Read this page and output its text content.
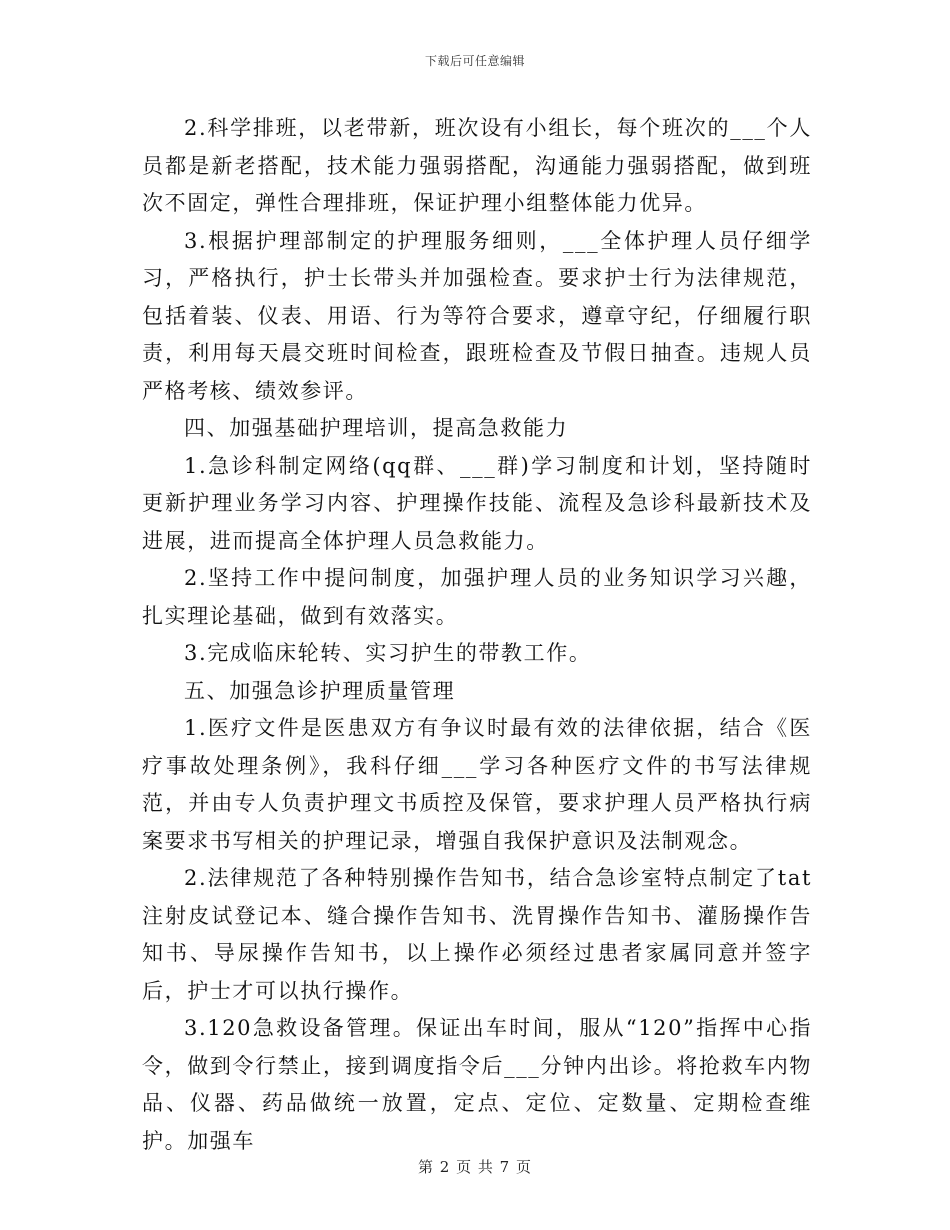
下载后可任意编辑

2.科学排班，以老带新，班次设有小组长，每个班次的___个人员都是新老搭配，技术能力强弱搭配，沟通能力强弱搭配，做到班次不固定，弹性合理排班，保证护理小组整体能力优异。

3.根据护理部制定的护理服务细则，___全体护理人员仔细学习，严格执行，护士长带头并加强检查。要求护士行为法律规范，包括着装、仪表、用语、行为等符合要求，遵章守纪，仔细履行职责，利用每天晨交班时间检查，跟班检查及节假日抽查。违规人员严格考核、绩效参评。

四、加强基础护理培训，提高急救能力

1.急诊科制定网络(qq群、___群)学习制度和计划，坚持随时更新护理业务学习内容、护理操作技能、流程及急诊科最新技术及进展，进而提高全体护理人员急救能力。

2.坚持工作中提问制度，加强护理人员的业务知识学习兴趣，扎实理论基础，做到有效落实。

3.完成临床轮转、实习护生的带教工作。

五、加强急诊护理质量管理

1.医疗文件是医患双方有争议时最有效的法律依据，结合《医疗事故处理条例》，我科仔细___学习各种医疗文件的书写法律规范，并由专人负责护理文书质控及保管，要求护理人员严格执行病案要求书写相关的护理记录，增强自我保护意识及法制观念。

2.法律规范了各种特别操作告知书，结合急诊室特点制定了tat注射皮试登记本、缝合操作告知书、洗胃操作告知书、灌肠操作告知书、导尿操作告知书，以上操作必须经过患者家属同意并签字后，护士才可以执行操作。

3.120急救设备管理。保证出车时间，服从“120”指挥中心指令，做到令行禁止，接到调度指令后___分钟内出诊。将抢救车内物品、仪器、药品做统一放置，定点、定位、定数量、定期检查维护。加强车

第 2 页 共 7 页
